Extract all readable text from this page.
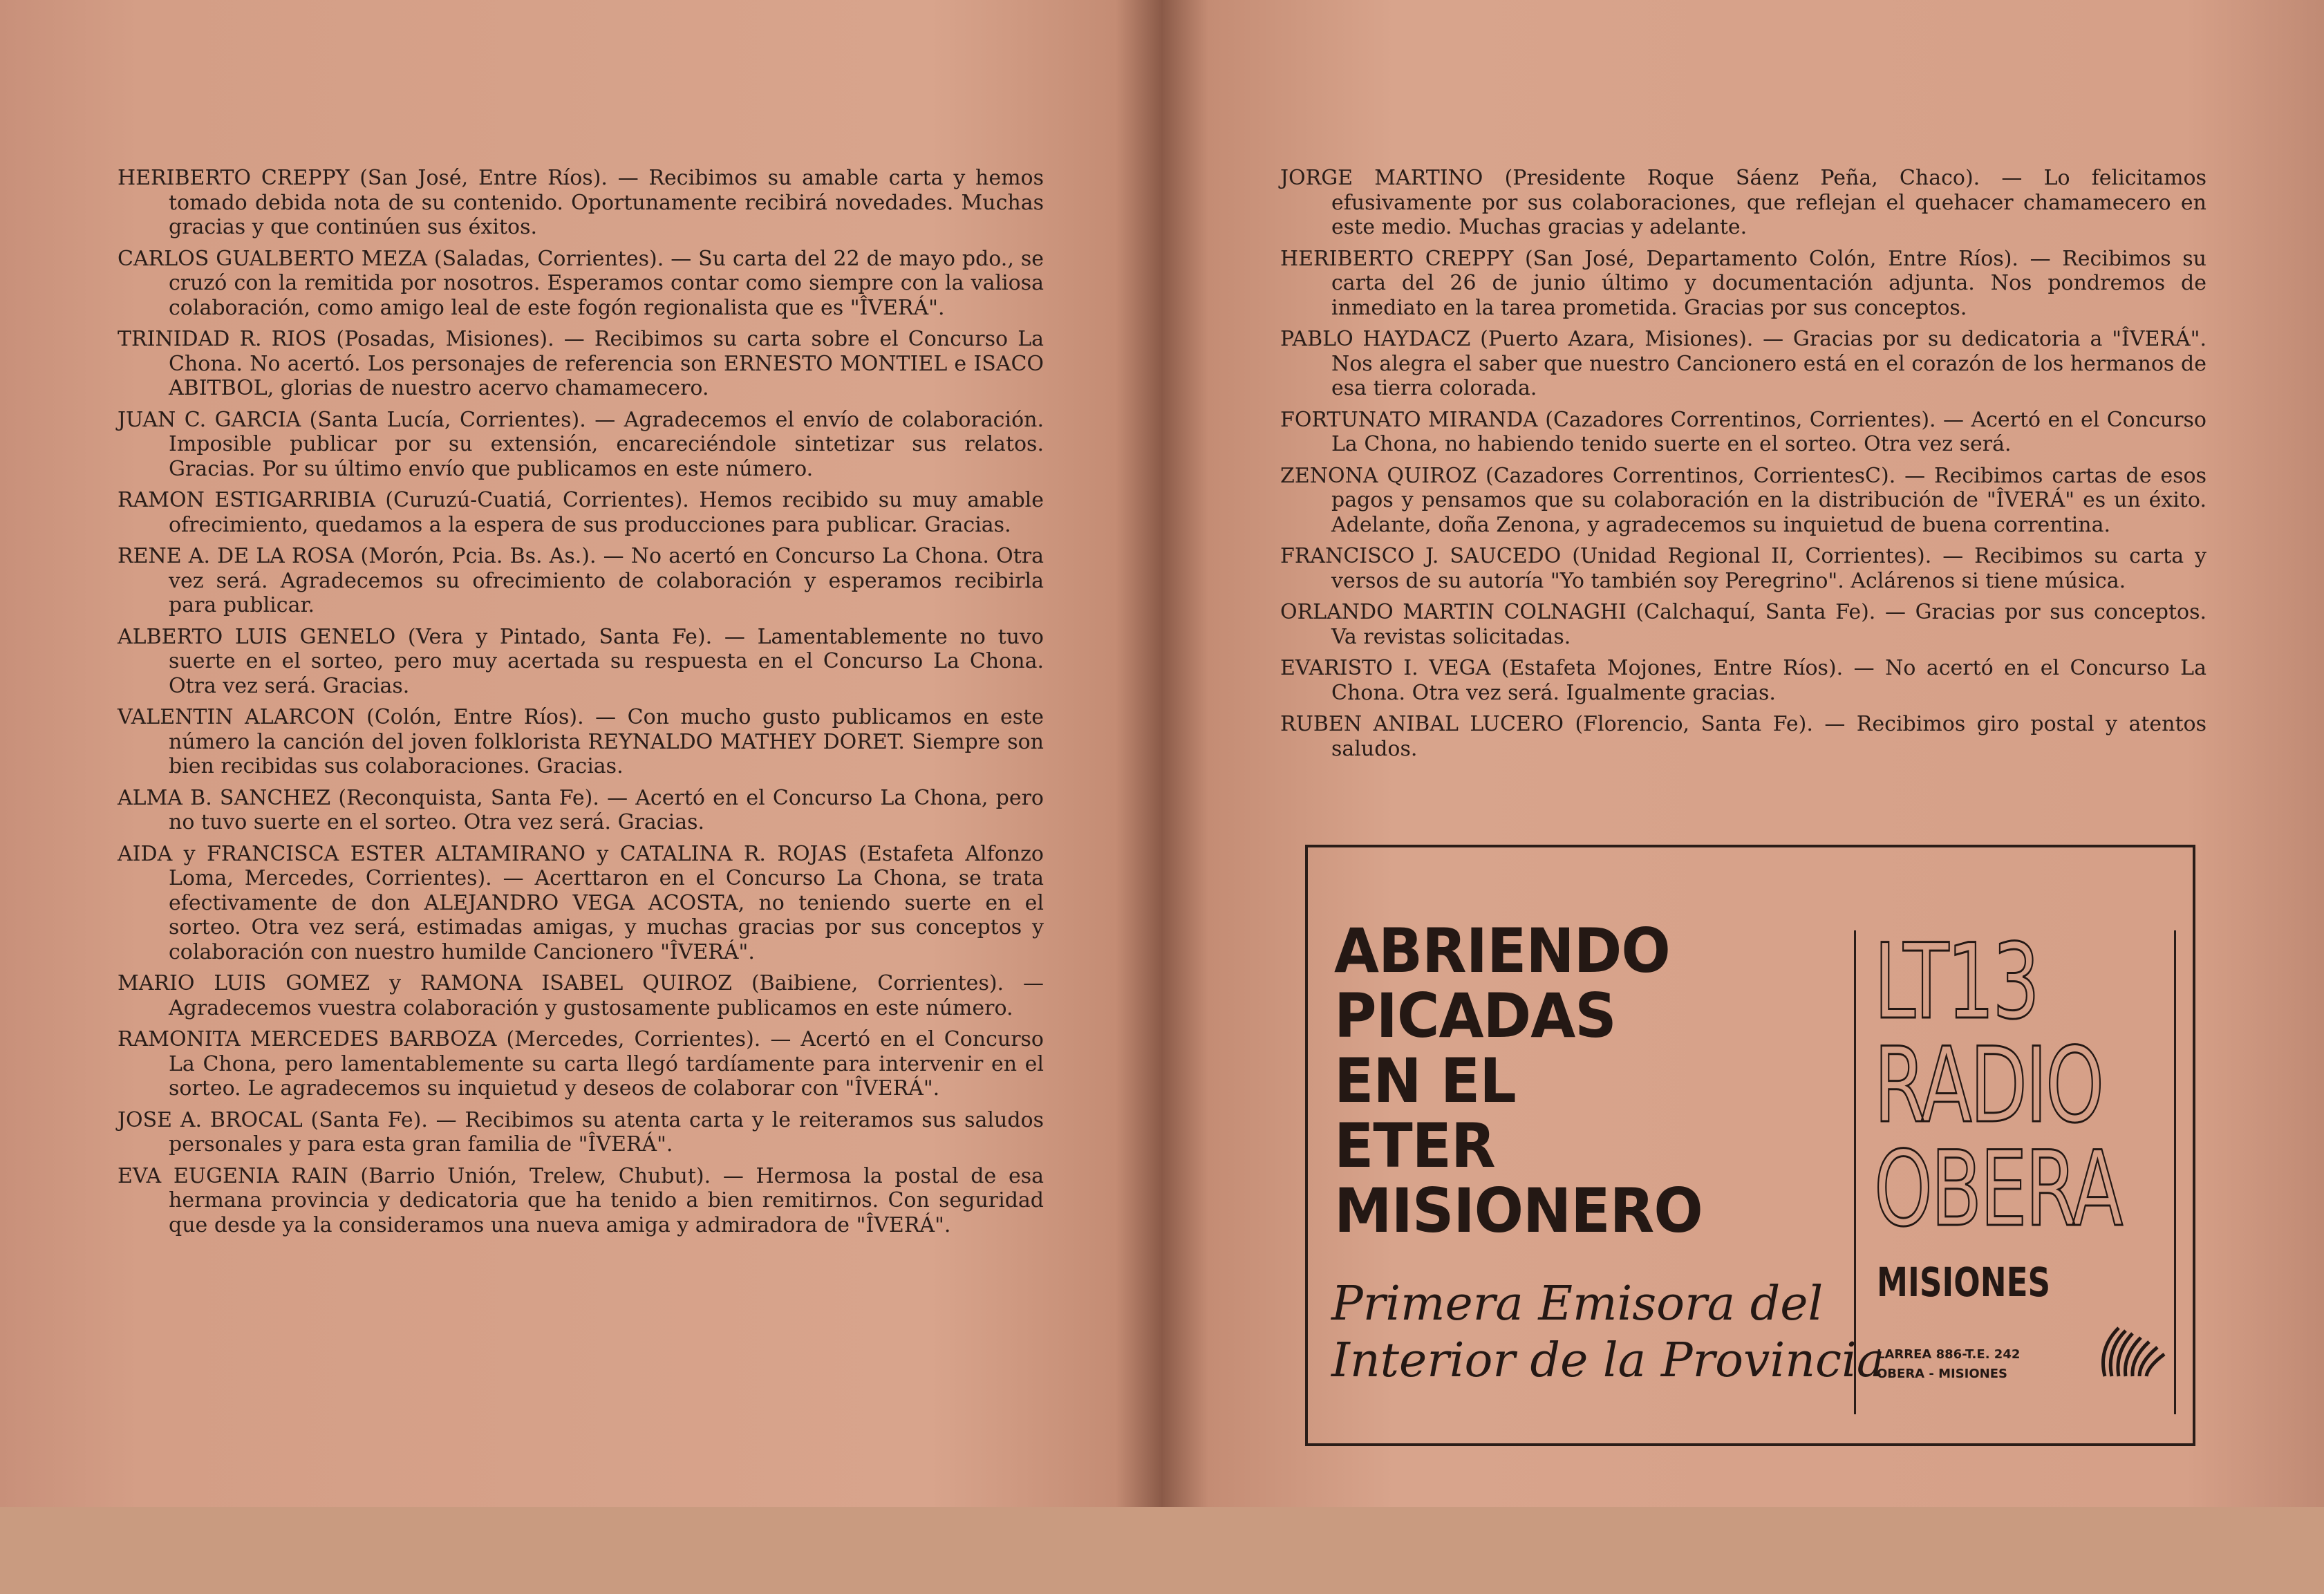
HERIBERTO CREPPY (San José, Entre Ríos). — Recibimos su amable carta y hemos tomado debida nota de su contenido. Oportunamente recibirá novedades. Muchas gracias y que continúen sus éxitos.

CARLOS GUALBERTO MEZA (Saladas, Corrientes). — Su carta del 22 de mayo pdo., se cruzó con la remitida por nosotros. Esperamos contar como siempre con la valiosa colaboración, como amigo leal de este fogón regionalista que es "ÎVERÁ".

TRINIDAD R. RIOS (Posadas, Misiones). — Recibimos su carta sobre el Concurso La Chona. No acertó. Los personajes de referencia son ERNESTO MONTIEL e ISACO ABITBOL, glorias de nuestro acervo chamamecero.

JUAN C. GARCIA (Santa Lucía, Corrientes). — Agradecemos el envío de colaboración. Imposible publicar por su extensión, encareciéndole sintetizar sus relatos. Gracias. Por su último envío que publicamos en este número.

RAMON ESTIGARRIBIA (Curuzú-Cuatiá, Corrientes). Hemos recibido su muy amable ofrecimiento, quedamos a la espera de sus producciones para publicar. Gracias.

RENE A. DE LA ROSA (Morón, Pcia. Bs. As.). — No acertó en Concurso La Chona. Otra vez será. Agradecemos su ofrecimiento de colaboración y esperamos recibirla para publicar.

ALBERTO LUIS GENELO (Vera y Pintado, Santa Fe). — Lamentablemente no tuvo suerte en el sorteo, pero muy acertada su respuesta en el Concurso La Chona. Otra vez será. Gracias.

VALENTIN ALARCON (Colón, Entre Ríos). — Con mucho gusto publicamos en este número la canción del joven folklorista REYNALDO MATHEY DORET. Siempre son bien recibidas sus colaboraciones. Gracias.

ALMA B. SANCHEZ (Reconquista, Santa Fe). — Acertó en el Concurso La Chona, pero no tuvo suerte en el sorteo. Otra vez será. Gracias.

AIDA y FRANCISCA ESTER ALTAMIRANO y CATALINA R. ROJAS (Estafeta Alfonzo Loma, Mercedes, Corrientes). — Acerttaron en el Concurso La Chona, se trata efectivamente de don ALEJANDRO VEGA ACOSTA, no teniendo suerte en el sorteo. Otra vez será, estimadas amigas, y muchas gracias por sus conceptos y colaboración con nuestro humilde Cancionero "ÎVERÁ".

MARIO LUIS GOMEZ y RAMONA ISABEL QUIROZ (Baibiene, Corrientes). — Agradecemos vuestra colaboración y gustosamente publicamos en este número.

RAMONITA MERCEDES BARBOZA (Mercedes, Corrientes). — Acertó en el Concurso La Chona, pero lamentablemente su carta llegó tardíamente para intervenir en el sorteo. Le agradecemos su inquietud y deseos de colaborar con "ÎVERÁ".

JOSE A. BROCAL (Santa Fe). — Recibimos su atenta carta y le reiteramos sus saludos personales y para esta gran familia de "ÎVERÁ".

EVA EUGENIA RAIN (Barrio Unión, Trelew, Chubut). — Hermosa la postal de esa hermana provincia y dedicatoria que ha tenido a bien remitirnos. Con seguridad que desde ya la consideramos una nueva amiga y admiradora de "ÎVERÁ".

JORGE MARTINO (Presidente Roque Sáenz Peña, Chaco). — Lo felicitamos efusivamente por sus colaboraciones, que reflejan el quehacer chamamecero en este medio. Muchas gracias y adelante.

HERIBERTO CREPPY (San José, Departamento Colón, Entre Ríos). — Recibimos su carta del 26 de junio último y documentación adjunta. Nos pondremos de inmediato en la tarea prometida. Gracias por sus conceptos.

PABLO HAYDACZ (Puerto Azara, Misiones). — Gracias por su dedicatoria a "ÎVERÁ". Nos alegra el saber que nuestro Cancionero está en el corazón de los hermanos de esa tierra colorada.

FORTUNATO MIRANDA (Cazadores Correntinos, Corrientes). — Acertó en el Concurso La Chona, no habiendo tenido suerte en el sorteo. Otra vez será.

ZENONA QUIROZ (Cazadores Correntinos, CorrientesC). — Recibimos cartas de esos pagos y pensamos que su colaboración en la distribución de "ÎVERÁ" es un éxito. Adelante, doña Zenona, y agradecemos su inquietud de buena correntina.

FRANCISCO J. SAUCEDO (Unidad Regional II, Corrientes). — Recibimos su carta y versos de su autoría "Yo también soy Peregrino". Aclárenos si tiene música.

ORLANDO MARTIN COLNAGHI (Calchaquí, Santa Fe). — Gracias por sus conceptos. Va revistas solicitadas.

EVARISTO I. VEGA (Estafeta Mojones, Entre Ríos). — No acertó en el Concurso La Chona. Otra vez será. Igualmente gracias.

RUBEN ANIBAL LUCERO (Florencio, Santa Fe). — Recibimos giro postal y atentos saludos.

ABRIENDO
PICADAS
EN EL
ETER
MISIONERO
Primera Emisora del
Interior de la Provincia
LT13
RADIO
OBERA
MISIONES
LARREA 886-T.E. 242
OBERA - MISIONES
